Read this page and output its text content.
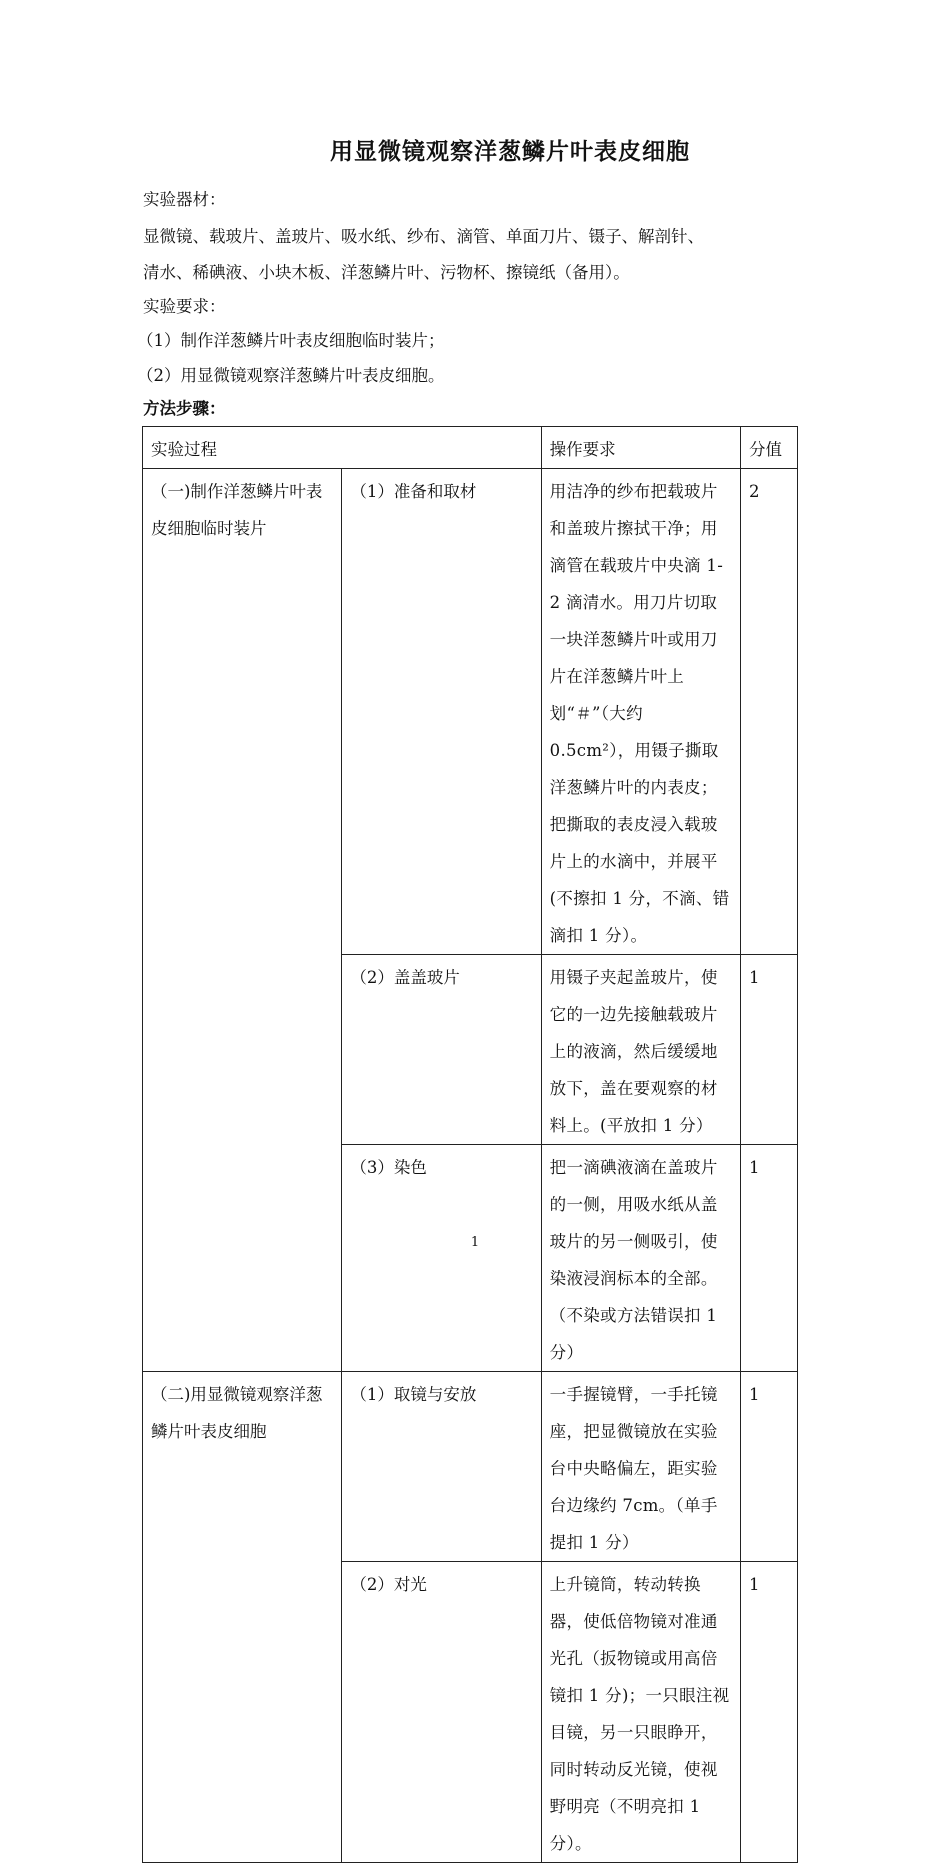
用显微镜观察洋葱鳞片叶表皮细胞
实验器材：
显微镜、载玻片、盖玻片、吸水纸、纱布、滴管、单面刀片、镊子、解剖针、
清水、稀碘液、小块木板、洋葱鳞片叶、污物杯、擦镜纸（备用）。
实验要求：
（1）制作洋葱鳞片叶表皮细胞临时装片；
（2）用显微镜观察洋葱鳞片叶表皮细胞。
方法步骤：
实验过程		操作要求	分值
（一)制作洋葱鳞片叶表皮细胞临时装片	（1）准备和取材	用洁净的纱布把载玻片和盖玻片擦拭干净；用滴管在载玻片中央滴 1-2 滴清水。用刀片切取一块洋葱鳞片叶或用刀片在洋葱鳞片叶上划“＃”（大约 0.5cm²），用镊子撕取洋葱鳞片叶的内表皮；把撕取的表皮浸入载玻片上的水滴中，并展平(不擦扣 1 分，不滴、错滴扣 1 分）。	2
	（2）盖盖玻片	用镊子夹起盖玻片，使它的一边先接触载玻片上的液滴，然后缓缓地放下，盖在要观察的材料上。(平放扣 1 分）	1
	（3）染色	把一滴碘液滴在盖玻片的一侧，用吸水纸从盖玻片的另一侧吸引，使染液浸润标本的全部。（不染或方法错误扣 1 分）	1
（二)用显微镜观察洋葱鳞片叶表皮细胞	（1）取镜与安放	一手握镜臂，一手托镜座，把显微镜放在实验台中央略偏左，距实验台边缘约 7cm。（单手提扣 1 分）	1
	（2）对光	上升镜筒，转动转换器，使低倍物镜对准通光孔（扳物镜或用高倍镜扣 1 分)；一只眼注视目镜，另一只眼睁开，同时转动反光镜，使视野明亮（不明亮扣 1 分）。	1
1
